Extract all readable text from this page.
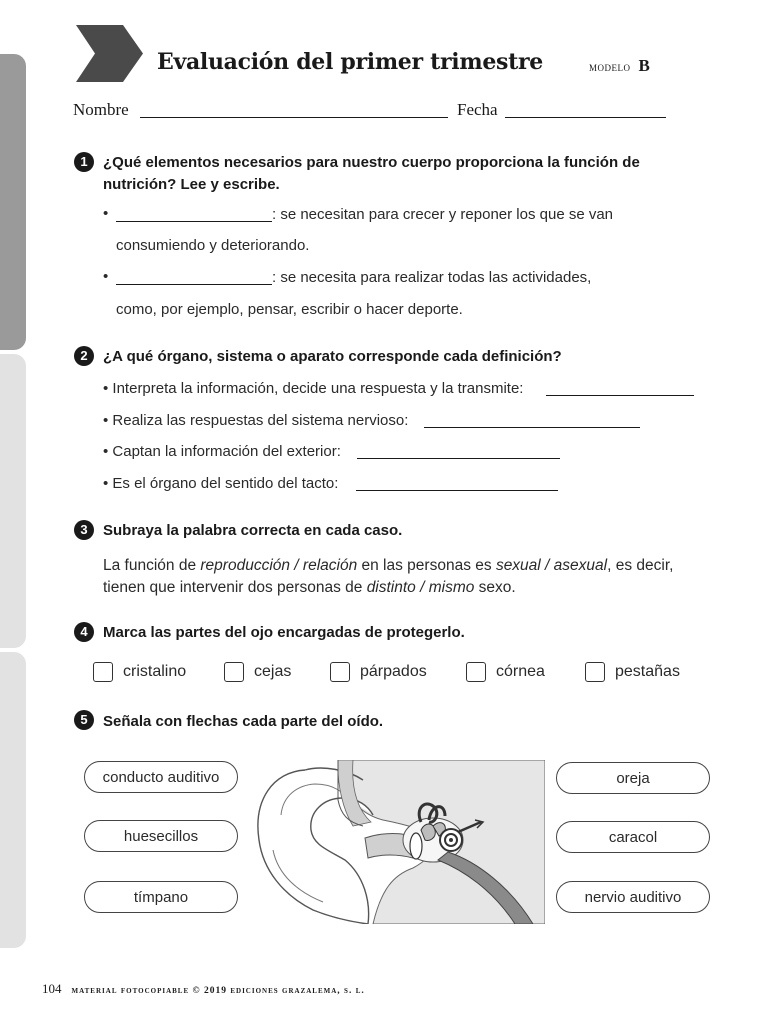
Evaluación del primer trimestre	modelo B
Nombre	Fecha
1	¿Qué elementos necesarios para nuestro cuerpo proporciona la función de nutrición? Lee y escribe.

•	: se necesitan para crecer y reponer los que se van
consumiendo y deteriorando.
•	: se necesita para realizar todas las actividades,
como, por ejemplo, pensar, escribir o hacer deporte.
2	¿A qué órgano, sistema o aparato corresponde cada definición?

• Interpreta la información, decide una respuesta y la transmite:
• Realiza las respuestas del sistema nervioso:
• Captan la información del exterior:
• Es el órgano del sentido del tacto:
3	Subraya la palabra correcta en cada caso.

La función de reproducción / relación en las personas es sexual / asexual, es decir,
tienen que intervenir dos personas de distinto / mismo sexo.
4	Marca las partes del ojo encargadas de protegerlo.

cristalino	cejas	párpados	córnea	pestañas
5	Señala con flechas cada parte del oído.

conducto auditivo
huesecillos
tímpano
oreja
caracol
nervio auditivo
104 material fotocopiable © 2019 ediciones grazalema, s. l.
